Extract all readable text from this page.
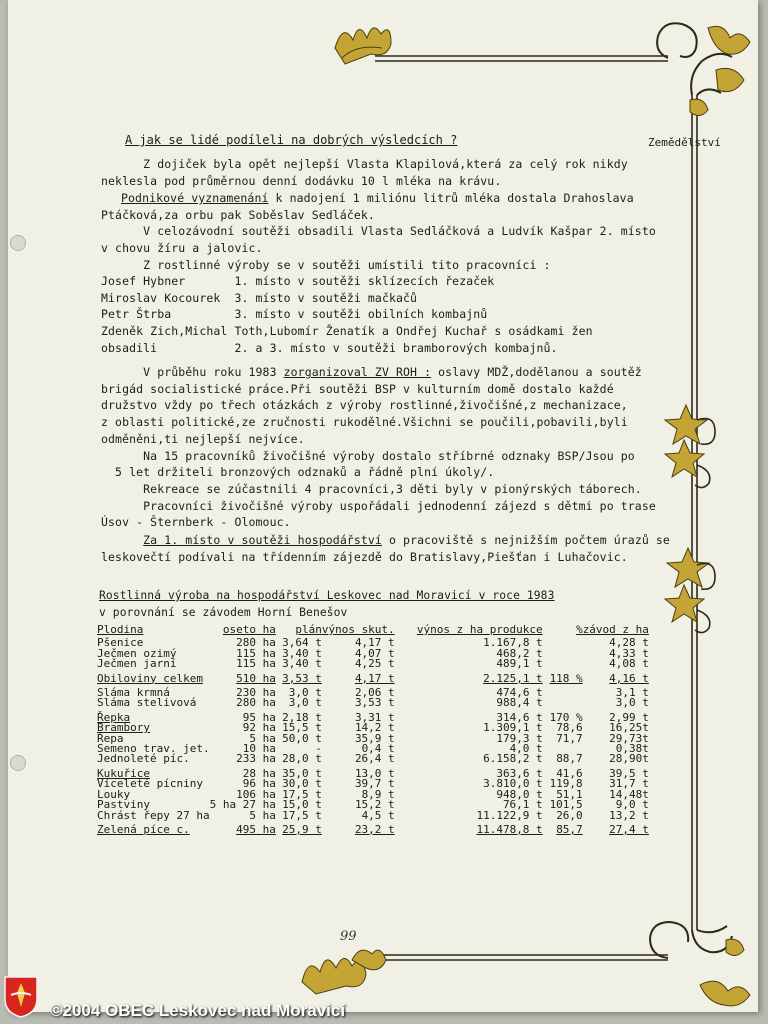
A jak se lidé podíleli na dobrých výsledcích ?	Zemědělství
Z dojiček byla opět nejlepší Vlasta Klapilová,která za celý rok nikdy
neklesla pod průměrnou denní dodávku 10 l mléka na krávu.
Podnikové vyznamenání k nadojení 1 miliónu litrů mléka dostala Drahoslava
Ptáčková,za orbu pak Soběslav Sedláček.
V celozávodní soutěži obsadili Vlasta Sedláčková a Ludvík Kašpar 2. místo
v chovu žíru a jalovic.
Z rostlinné výroby se v soutěži umístili tito pracovníci :
Josef Hybner       1. místo v soutěži sklízecích řezaček
Miroslav Kocourek  3. místo v soutěži mačkačů
Petr Štrba         3. místo v soutěži obilních kombajnů
Zdeněk Zich,Michal Toth,Lubomír Ženatík a Ondřej Kuchař s osádkami žen
obsadili           2. a 3. místo v soutěži bramborových kombajnů.
V průběhu roku 1983 zorganizoval ZV ROH : oslavy MDŽ,dodělanou a soutěž
brigád socialistické práce.Při soutěži BSP v kulturním domě dostalo každé
družstvo vždy po třech otázkách z výroby rostlinné,živočišné,z mechanizace,
z oblasti politické,ze zručnosti rukodělné.Všichni se poučili,pobavili,byli
odměněni,ti nejlepší nejvíce.
Na 15 pracovníků živočišné výroby dostalo stříbrné odznaky BSP/Jsou po
5 let držiteli bronzových odznaků a řádně plní úkoly/.
Rekreace se zúčastnili 4 pracovníci,3 děti byly v pionýrských táborech.
Pracovníci živočišné výroby uspořádali jednodenní zájezd s dětmi po trase
Úsov - Šternberk - Olomouc.
Za 1. místo v soutěži hospodářství o pracoviště s nejnižším počtem úrazů se
leskovečtí podívali na třídenním zájezdě do Bratislavy,Piešťan i Luhačovic.
Rostlinná výroba na hospodářství Leskovec nad Moravicí v roce 1983
v porovnání se závodem Horní Benešov
Plodina	oseto ha	plán	výnos skut.	výnos z ha produkce	%	závod z ha
Pšenice	280 ha	3,64 t	4,17 t	1.167,8 t		4,28 t
Ječmen ozimý	115 ha	3,40 t	4,07 t	468,2 t		4,33 t
Ječmen jarní	115 ha	3,40 t	4,25 t	489,1 t		4,08 t
Obiloviny celkem	510 ha	3,53 t	4,17 t	2.125,1 t	118 %	4,16 t
Sláma krmná	230 ha	3,0 t	2,06 t	474,6 t		3,1 t
Sláma stelivová	280 ha	3,0 t	3,53 t	988,4 t		3,0 t
Řepka	95 ha	2,18 t	3,31 t	314,6 t	170 %	2,99 t
Brambory	92 ha	15,5 t	14,2 t	1.309,1 t	78,6	16,25t
Řepa	5 ha	50,0 t	35,9 t	179,3 t	71,7	29,73t
Semeno trav. jet.	10 ha	-	0,4 t	4,0 t		0,38t
Jednoleté píc.	233 ha	28,0 t	26,4 t	6.158,2 t	88,7	28,90t
Kukuřice	28 ha	35,0 t	13,0 t	363,6 t	41,6	39,5 t
Víceleté pícniny	96 ha	30,0 t	39,7 t	3.810,0 t	119,8	31,7 t
Louky	106 ha	17,5 t	8,9 t	948,0 t	51,1	14,48t
Pastviny	5 ha 27 ha	15,0 t	15,2 t	76,1 t	101,5	9,0 t
Chrást řepy 27 ha	5 ha	17,5 t	4,5 t	11.122,9 t	26,0	13,2 t
Zelená píce c.	495 ha	25,9 t	23,2 t	11.478,8 t	85,7	27,4 t
99
©2004 OBEC Leskovec nad Moravicí
